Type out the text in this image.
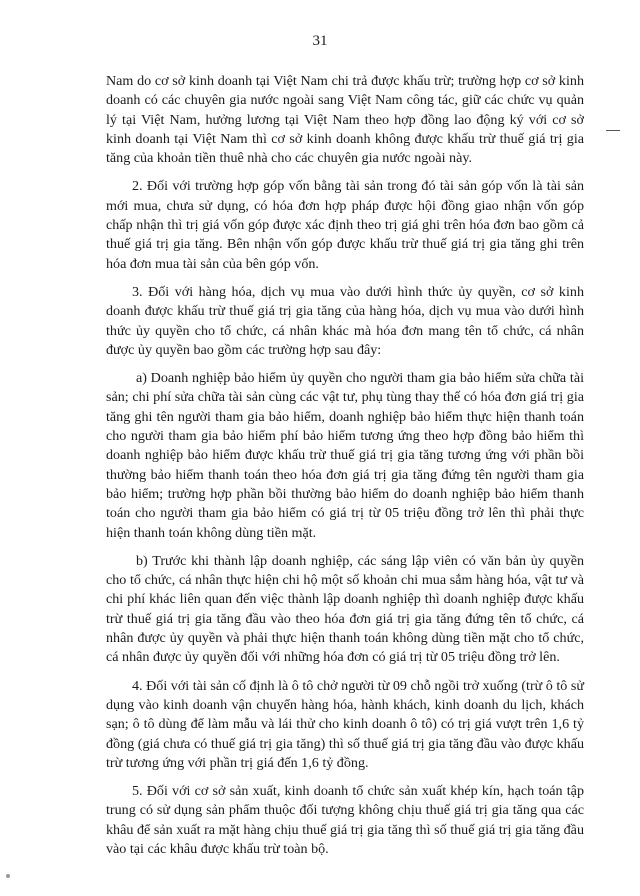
31

Nam do cơ sở kinh doanh tại Việt Nam chi trả được khấu trừ; trường hợp cơ sở kinh doanh có các chuyên gia nước ngoài sang Việt Nam công tác, giữ các chức vụ quản lý tại Việt Nam, hưởng lương tại Việt Nam theo hợp đồng lao động ký với cơ sở kinh doanh tại Việt Nam thì cơ sở kinh doanh không được khấu trừ thuế giá trị gia tăng của khoản tiền thuê nhà cho các chuyên gia nước ngoài này.

2. Đối với trường hợp góp vốn bằng tài sản trong đó tài sản góp vốn là tài sản mới mua, chưa sử dụng, có hóa đơn hợp pháp được hội đồng giao nhận vốn góp chấp nhận thì trị giá vốn góp được xác định theo trị giá ghi trên hóa đơn bao gồm cả thuế giá trị gia tăng. Bên nhận vốn góp được khấu trừ thuế giá trị gia tăng ghi trên hóa đơn mua tài sản của bên góp vốn.

3. Đối với hàng hóa, dịch vụ mua vào dưới hình thức ủy quyền, cơ sở kinh doanh được khấu trừ thuế giá trị gia tăng của hàng hóa, dịch vụ mua vào dưới hình thức ủy quyền cho tổ chức, cá nhân khác mà hóa đơn mang tên tổ chức, cá nhân được ủy quyền bao gồm các trường hợp sau đây:

a) Doanh nghiệp bảo hiểm ủy quyền cho người tham gia bảo hiểm sửa chữa tài sản; chi phí sửa chữa tài sản cùng các vật tư, phụ tùng thay thế có hóa đơn giá trị gia tăng ghi tên người tham gia bảo hiểm, doanh nghiệp bảo hiểm thực hiện thanh toán cho người tham gia bảo hiểm phí bảo hiểm tương ứng theo hợp đồng bảo hiểm thì doanh nghiệp bảo hiểm được khấu trừ thuế giá trị gia tăng tương ứng với phần bồi thường bảo hiểm thanh toán theo hóa đơn giá trị gia tăng đứng tên người tham gia bảo hiểm; trường hợp phần bồi thường bảo hiểm do doanh nghiệp bảo hiểm thanh toán cho người tham gia bảo hiểm có giá trị từ 05 triệu đồng trở lên thì phải thực hiện thanh toán không dùng tiền mặt.

b) Trước khi thành lập doanh nghiệp, các sáng lập viên có văn bản ủy quyền cho tổ chức, cá nhân thực hiện chi hộ một số khoản chi mua sắm hàng hóa, vật tư và chi phí khác liên quan đến việc thành lập doanh nghiệp thì doanh nghiệp được khấu trừ thuế giá trị gia tăng đầu vào theo hóa đơn giá trị gia tăng đứng tên tổ chức, cá nhân được ủy quyền và phải thực hiện thanh toán không dùng tiền mặt cho tổ chức, cá nhân được ủy quyền đối với những hóa đơn có giá trị từ 05 triệu đồng trở lên.

4. Đối với tài sản cố định là ô tô chở người từ 09 chỗ ngồi trở xuống (trừ ô tô sử dụng vào kinh doanh vận chuyển hàng hóa, hành khách, kinh doanh du lịch, khách sạn; ô tô dùng để làm mẫu và lái thử cho kinh doanh ô tô) có trị giá vượt trên 1,6 tỷ đồng (giá chưa có thuế giá trị gia tăng) thì số thuế giá trị gia tăng đầu vào được khấu trừ tương ứng với phần trị giá đến 1,6 tỷ đồng.

5. Đối với cơ sở sản xuất, kinh doanh tổ chức sản xuất khép kín, hạch toán tập trung có sử dụng sản phẩm thuộc đối tượng không chịu thuế giá trị gia tăng qua các khâu để sản xuất ra mặt hàng chịu thuế giá trị gia tăng thì số thuế giá trị gia tăng đầu vào tại các khâu được khấu trừ toàn bộ.
